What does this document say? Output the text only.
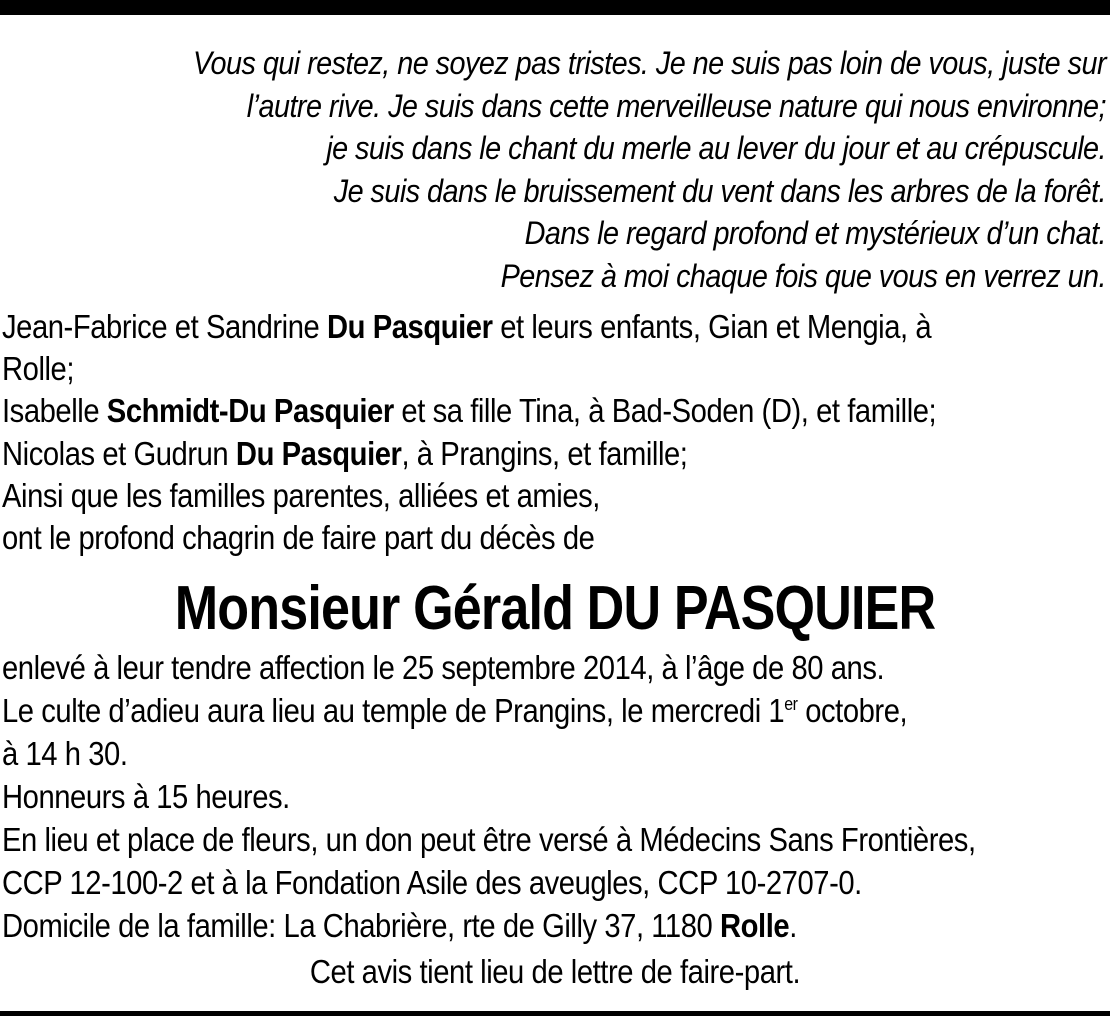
Vous qui restez, ne soyez pas tristes. Je ne suis pas loin de vous, juste sur
l’autre rive. Je suis dans cette merveilleuse nature qui nous environne;
je suis dans le chant du merle au lever du jour et au crépuscule.
Je suis dans le bruissement du vent dans les arbres de la forêt.
Dans le regard profond et mystérieux d’un chat.
Pensez à moi chaque fois que vous en verrez un.
Jean-Fabrice et Sandrine Du Pasquier et leurs enfants, Gian et Mengia, à
Rolle;
Isabelle Schmidt-Du Pasquier et sa fille Tina, à Bad-Soden (D), et famille;
Nicolas et Gudrun Du Pasquier, à Prangins, et famille;
Ainsi que les familles parentes, alliées et amies,
ont le profond chagrin de faire part du décès de
Monsieur Gérald DU PASQUIER
enlevé à leur tendre affection le 25 septembre 2014, à l’âge de 80 ans.
Le culte d’adieu aura lieu au temple de Prangins, le mercredi 1er octobre,
à 14 h 30.
Honneurs à 15 heures.
En lieu et place de fleurs, un don peut être versé à Médecins Sans Frontières,
CCP 12-100-2 et à la Fondation Asile des aveugles, CCP 10-2707-0.
Domicile de la famille: La Chabrière, rte de Gilly 37, 1180 Rolle.
Cet avis tient lieu de lettre de faire-part.
